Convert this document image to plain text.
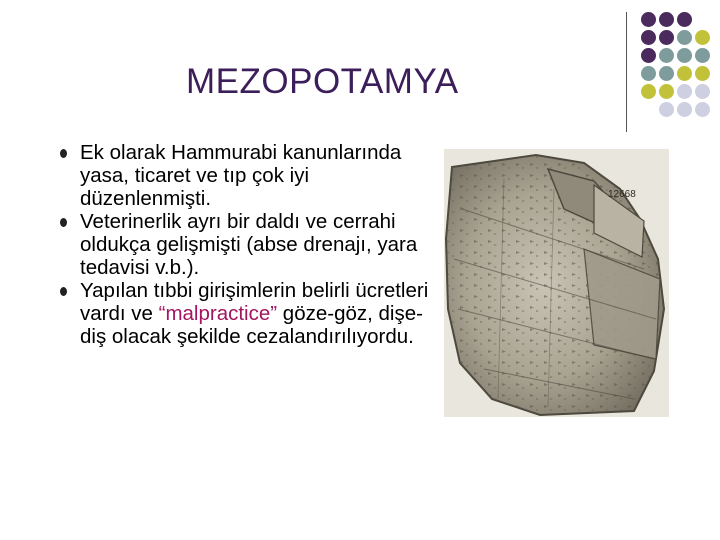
MEZOPOTAMYA
Ek olarak Hammurabi kanunlarında yasa, ticaret ve tıp çok iyi düzenlenmişti.
Veterinerlik ayrı bir daldı ve cerrahi oldukça gelişmişti (abse drenajı, yara tedavisi v.b.).
Yapılan tıbbi girişimlerin belirli ücretleri vardı ve “malpractice” göze-göz, dişe-diş olacak şekilde cezalandırılıyordu.
12668
